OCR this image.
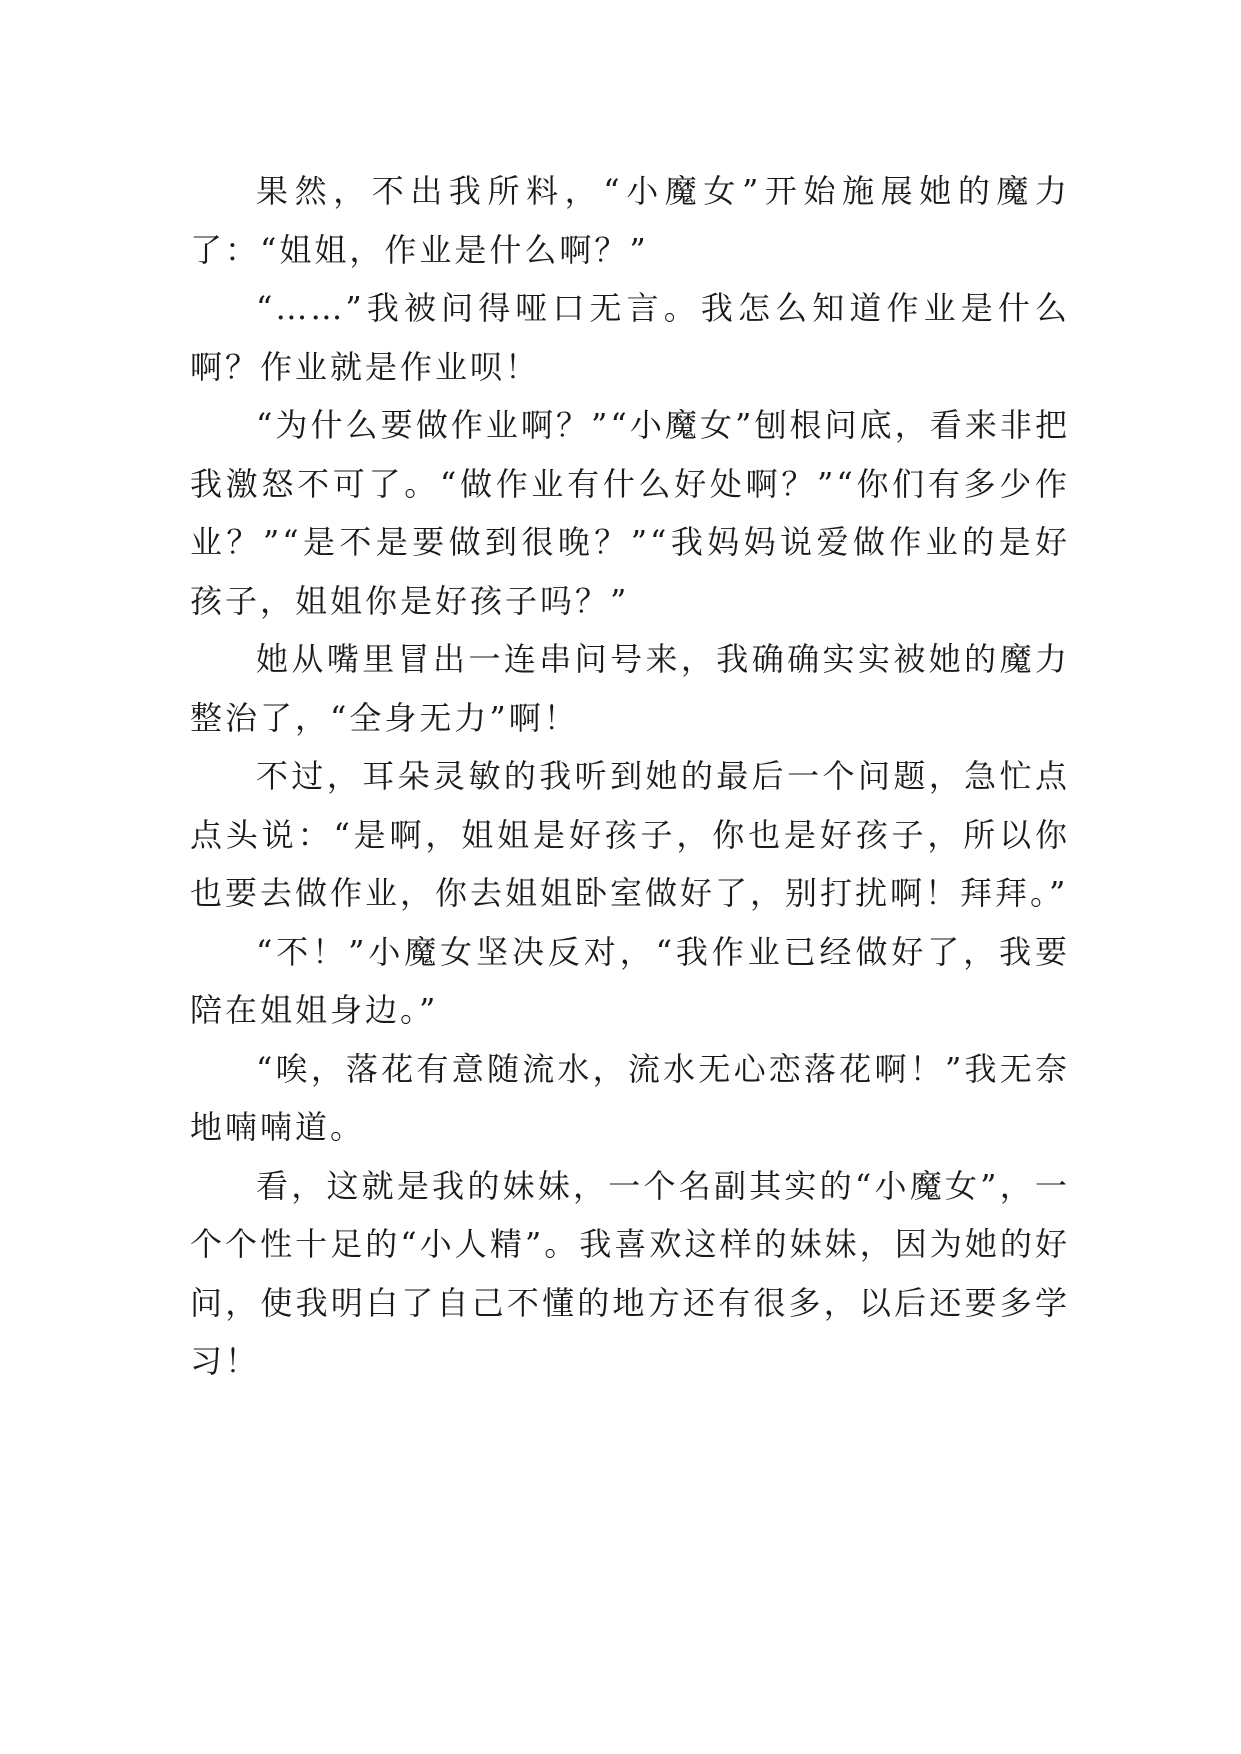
果然，不出我所料，“小魔女”开始施展她的魔力了：“姐姐，作业是什么啊？”

“……”我被问得哑口无言。我怎么知道作业是什么啊？作业就是作业呗！

“为什么要做作业啊？”“小魔女”刨根问底，看来非把我激怒不可了。“做作业有什么好处啊？”“你们有多少作业？”“是不是要做到很晚？”“我妈妈说爱做作业的是好孩子，姐姐你是好孩子吗？”

她从嘴里冒出一连串问号来，我确确实实被她的魔力整治了，“全身无力”啊！

不过，耳朵灵敏的我听到她的最后一个问题，急忙点点头说：“是啊，姐姐是好孩子，你也是好孩子，所以你也要去做作业，你去姐姐卧室做好了，别打扰啊！拜拜。”

“不！”小魔女坚决反对，“我作业已经做好了，我要陪在姐姐身边。”

“唉，落花有意随流水，流水无心恋落花啊！”我无奈地喃喃道。

看，这就是我的妹妹，一个名副其实的“小魔女”，一个个性十足的“小人精”。我喜欢这样的妹妹，因为她的好问，使我明白了自己不懂的地方还有很多，以后还要多学习！
